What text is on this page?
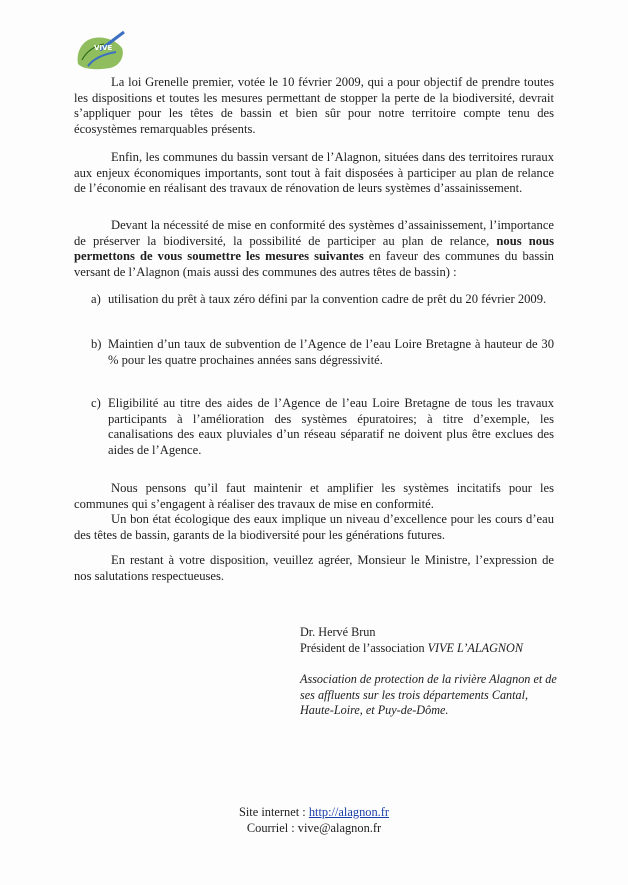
VIVE

La loi Grenelle premier, votée le 10 février 2009, qui a pour objectif de prendre toutes les dispositions et toutes les mesures permettant de stopper la perte de la biodiversité, devrait s’appliquer pour les têtes de bassin et bien sûr pour notre territoire compte tenu des écosystèmes remarquables présents.

Enfin, les communes du bassin versant de l’Alagnon, situées dans des territoires ruraux aux enjeux économiques importants, sont tout à fait disposées à participer au plan de relance de l’économie en réalisant des travaux de rénovation de leurs systèmes d’assainissement.

Devant la nécessité de mise en conformité des systèmes d’assainissement, l’importance de préserver la biodiversité, la possibilité de participer au plan de relance, nous nous permettons de vous soumettre les mesures suivantes en faveur des communes du bassin versant de l’Alagnon (mais aussi des communes des autres têtes de bassin) :

a) utilisation du prêt à taux zéro défini par la convention cadre de prêt du 20 février 2009.
b) Maintien d’un taux de subvention de l’Agence de l’eau Loire Bretagne à hauteur de 30 % pour les quatre prochaines années sans dégressivité.
c) Eligibilité au titre des aides de l’Agence de l’eau Loire Bretagne de tous les travaux participants à l’amélioration des systèmes épuratoires; à titre d’exemple, les canalisations des eaux pluviales d’un réseau séparatif ne doivent plus être exclues des aides de l’Agence.

Nous pensons qu’il faut maintenir et amplifier les systèmes incitatifs pour les communes qui s’engagent à réaliser des travaux de mise en conformité.

Un bon état écologique des eaux implique un niveau d’excellence pour les cours d’eau des têtes de bassin, garants de la biodiversité pour les générations futures.

En restant à votre disposition, veuillez agréer, Monsieur le Ministre, l’expression de nos salutations respectueuses.

Dr. Hervé Brun
Président de l’association VIVE L’ALAGNON
Association de protection de la rivière Alagnon et de ses affluents sur les trois départements Cantal, Haute-Loire, et Puy-de-Dôme.
Site internet : http://alagnon.fr
Courriel : vive@alagnon.fr
